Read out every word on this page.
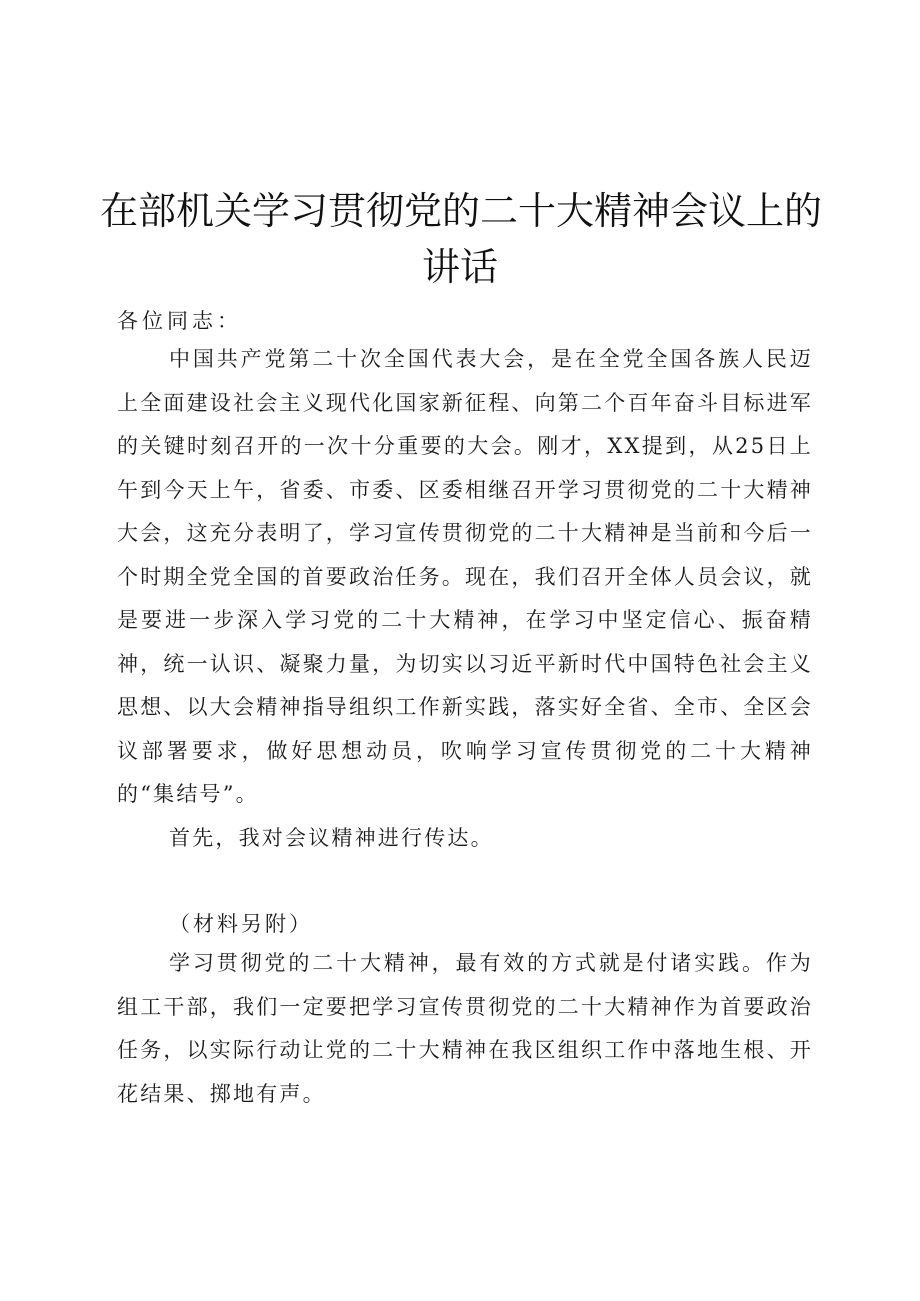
在部机关学习贯彻党的二十大精神会议上的
讲话

各位同志：

中国共产党第二十次全国代表大会，是在全党全国各族人民迈上全面建设社会主义现代化国家新征程、向第二个百年奋斗目标进军的关键时刻召开的一次十分重要的大会。刚才，XX提到，从25日上午到今天上午，省委、市委、区委相继召开学习贯彻党的二十大精神大会，这充分表明了，学习宣传贯彻党的二十大精神是当前和今后一个时期全党全国的首要政治任务。现在，我们召开全体人员会议，就是要进一步深入学习党的二十大精神，在学习中坚定信心、振奋精神，统一认识、凝聚力量，为切实以习近平新时代中国特色社会主义思想、以大会精神指导组织工作新实践，落实好全省、全市、全区会议部署要求，做好思想动员，吹响学习宣传贯彻党的二十大精神的“集结号”。

首先，我对会议精神进行传达。

（材料另附）

学习贯彻党的二十大精神，最有效的方式就是付诸实践。作为组工干部，我们一定要把学习宣传贯彻党的二十大精神作为首要政治任务，以实际行动让党的二十大精神在我区组织工作中落地生根、开花结果、掷地有声。
